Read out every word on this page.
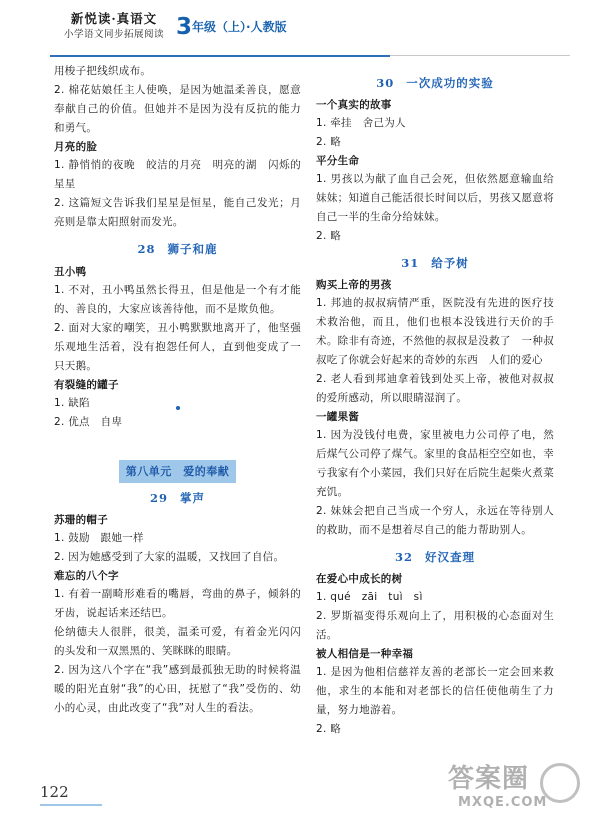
新悦读·真语文
小学语文同步拓展阅读 3年级（上）·人教版

用梭子把线织成布。

2. 棉花姑娘任主人使唤，是因为她温柔善良，愿意奉献自己的价值。但她并不是因为没有反抗的能力和勇气。

月亮的脸

1. 静悄悄的夜晚　皎洁的月亮　明亮的湖　闪烁的星星

2. 这篇短文告诉我们星星是恒星，能自己发光；月亮则是靠太阳照射而发光。

28 狮子和鹿

丑小鸭

1. 不对，丑小鸭虽然长得丑，但是他是一个有才能的、善良的，大家应该善待他，而不是欺负他。

2. 面对大家的嘲笑，丑小鸭默默地离开了，他坚强乐观地生活着，没有抱怨任何人，直到他变成了一只天鹅。

有裂缝的罐子

1. 缺陷

2. 优点　自卑

第八单元　爱的奉献

29 掌声

苏珊的帽子

1. 鼓励　跟她一样

2. 因为她感受到了大家的温暖，又找回了自信。

难忘的八个字

1. 有着一副畸形难看的嘴唇，弯曲的鼻子，倾斜的牙齿，说起话来还结巴。

伦纳德夫人很胖，很美，温柔可爱，有着金光闪闪的头发和一双黑黑的、笑眯眯的眼睛。

2. 因为这八个字在“我”感到最孤独无助的时候将温暖的阳光直射“我”的心田，抚慰了“我”受伤的、幼小的心灵，由此改变了“我”对人生的看法。

30 一次成功的实验

一个真实的故事

1. 牵挂　舍己为人

2. 略

平分生命

1. 男孩以为献了血自己会死，但依然愿意输血给妹妹；知道自己能活很长时间以后，男孩又愿意将自己一半的生命分给妹妹。

2. 略

31 给予树

购买上帝的男孩

1. 邦迪的叔叔病情严重，医院没有先进的医疗技术救治他，而且，他们也根本没钱进行天价的手术。除非有奇迹，不然他的叔叔是没救了　一种叔叔吃了你就会好起来的奇妙的东西　人们的爱心

2. 老人看到邦迪拿着钱到处买上帝，被他对叔叔的爱所感动，所以眼睛湿润了。

一罐果酱

1. 因为没钱付电费，家里被电力公司停了电，然后煤气公司停了煤气。家里的食品柜空空如也，幸亏我家有个小菜园，我们只好在后院生起柴火煮菜充饥。

2. 妹妹会把自己当成一个穷人，永远在等待别人的救助，而不是想着尽自己的能力帮助别人。

32 好汉查理

在爱心中成长的树

1. qué　zāi　tuì　sì

2. 罗斯福变得乐观向上了，用积极的心态面对生活。

被人相信是一种幸福

1. 是因为他相信慈祥友善的老部长一定会回来救他，求生的本能和对老部长的信任使他萌生了力量，努力地游着。

2. 略

122	答案圈
MXQE.COM
